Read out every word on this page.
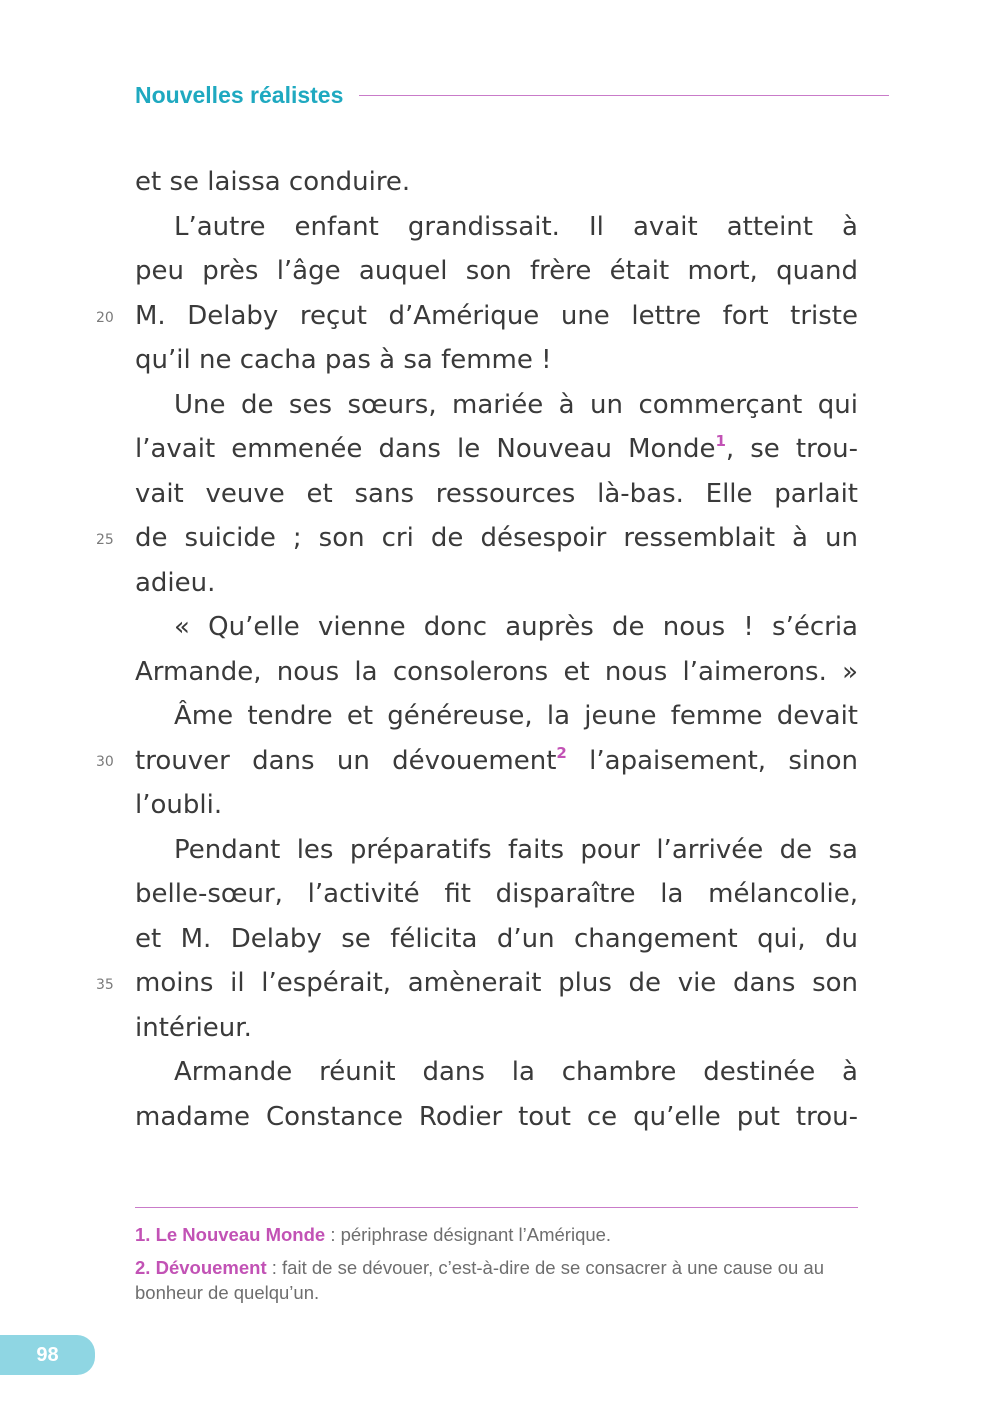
Nouvelles réalistes
20
25
30
35
et se laissa conduire.
L’autre enfant grandissait. Il avait atteint à
peu près l’âge auquel son frère était mort, quand
M. Delaby reçut d’Amérique une lettre fort triste
qu’il ne cacha pas à sa femme !
Une de ses sœurs, mariée à un commerçant qui
l’avait emmenée dans le Nouveau Monde$^1$, se trou-
vait veuve et sans ressources là-bas. Elle parlait
de suicide ; son cri de désespoir ressemblait à un
adieu.
« Qu’elle vienne donc auprès de nous ! s’écria
Armande, nous la consolerons et nous l’aimerons. »
Âme tendre et généreuse, la jeune femme devait
trouver dans un dévouement$^2$ l’apaisement, sinon
l’oubli.
Pendant les préparatifs faits pour l’arrivée de sa
belle-sœur, l’activité fit disparaître la mélancolie,
et M. Delaby se félicita d’un changement qui, du
moins il l’espérait, amènerait plus de vie dans son
intérieur.
Armande réunit dans la chambre destinée à
madame Constance Rodier tout ce qu’elle put trou-
1. Le Nouveau Monde : périphrase désignant l’Amérique.
2. Dévouement : fait de se dévouer, c’est-à-dire de se consacrer à une cause ou au bonheur de quelqu’un.
98
